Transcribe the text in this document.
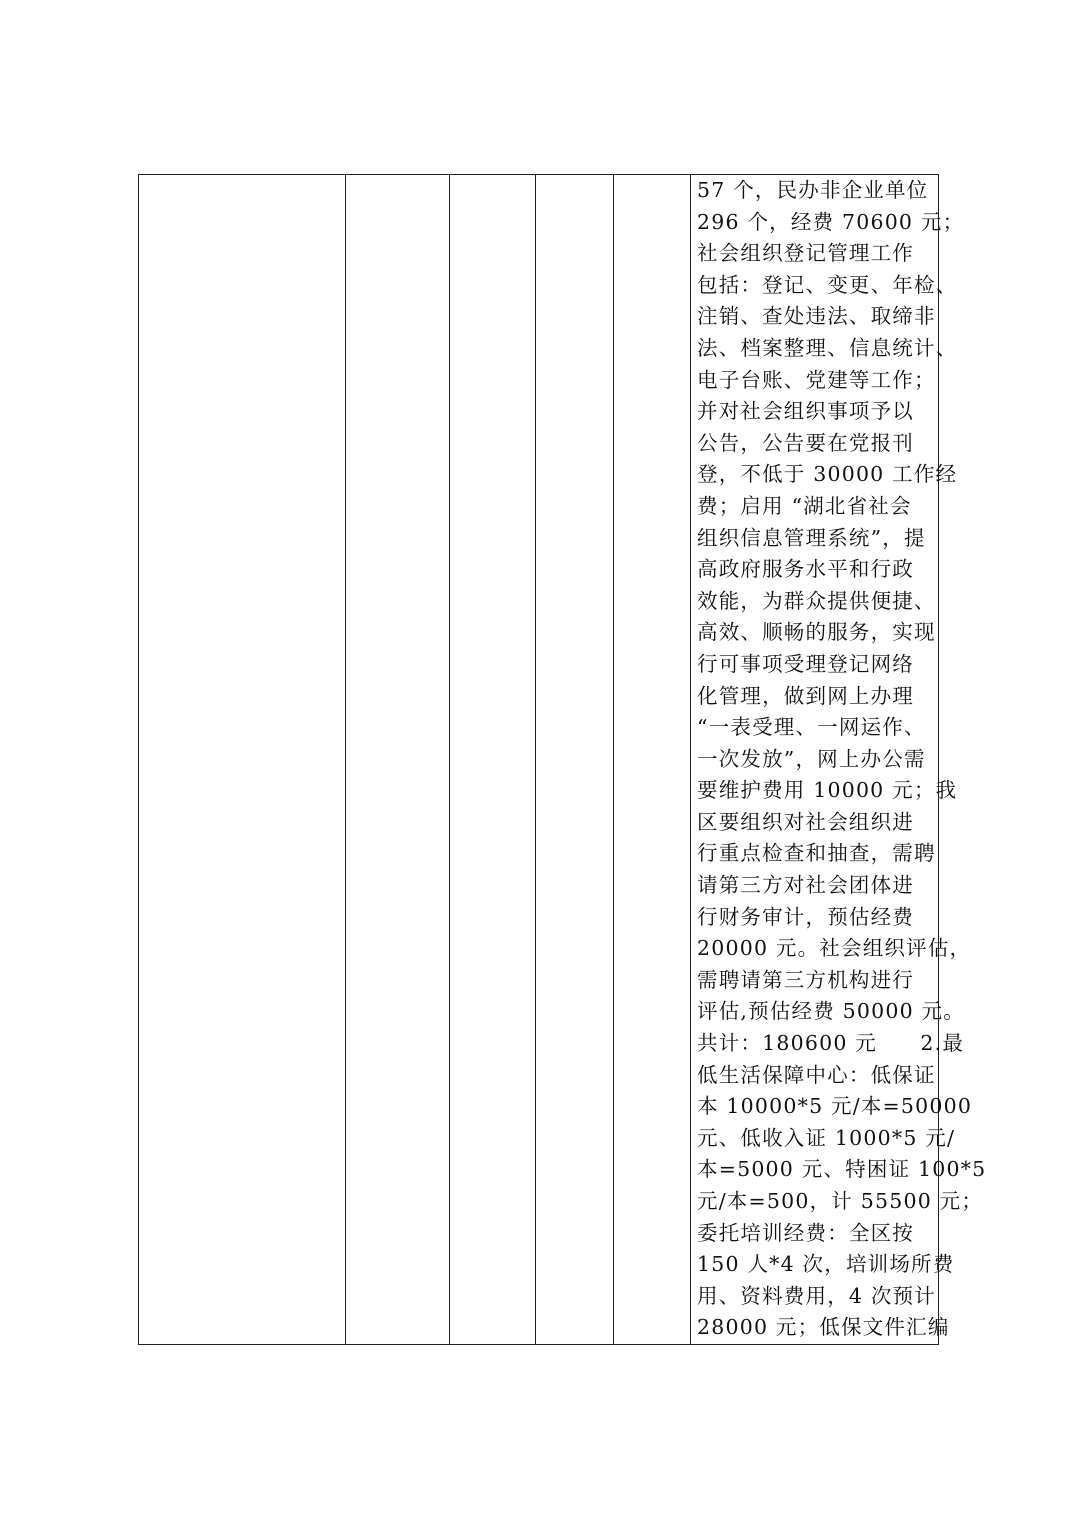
57 个，民办非企业单位
296 个，经费 70600 元；
社会组织登记管理工作
包括：登记、变更、年检、
注销、查处违法、取缔非
法、档案整理、信息统计、
电子台账、党建等工作；
并对社会组织事项予以
公告，公告要在党报刊
登，不低于 30000 工作经
费；启用 “湖北省社会
组织信息管理系统”，提
高政府服务水平和行政
效能，为群众提供便捷、
高效、顺畅的服务，实现
行可事项受理登记网络
化管理，做到网上办理
“一表受理、一网运作、
一次发放”，网上办公需
要维护费用 10000 元；我
区要组织对社会组织进
行重点检查和抽查，需聘
请第三方对社会团体进
行财务审计，预估经费
20000 元。社会组织评估，
需聘请第三方机构进行
评估,预估经费 50000 元。
共计：180600 元　　2.最
低生活保障中心：低保证
本 10000*5 元/本=50000
元、低收入证 1000*5 元/
本=5000 元、特困证 100*5
元/本=500，计 55500 元；
委托培训经费：全区按
150 人*4 次，培训场所费
用、资料费用，4 次预计
28000 元；低保文件汇编
